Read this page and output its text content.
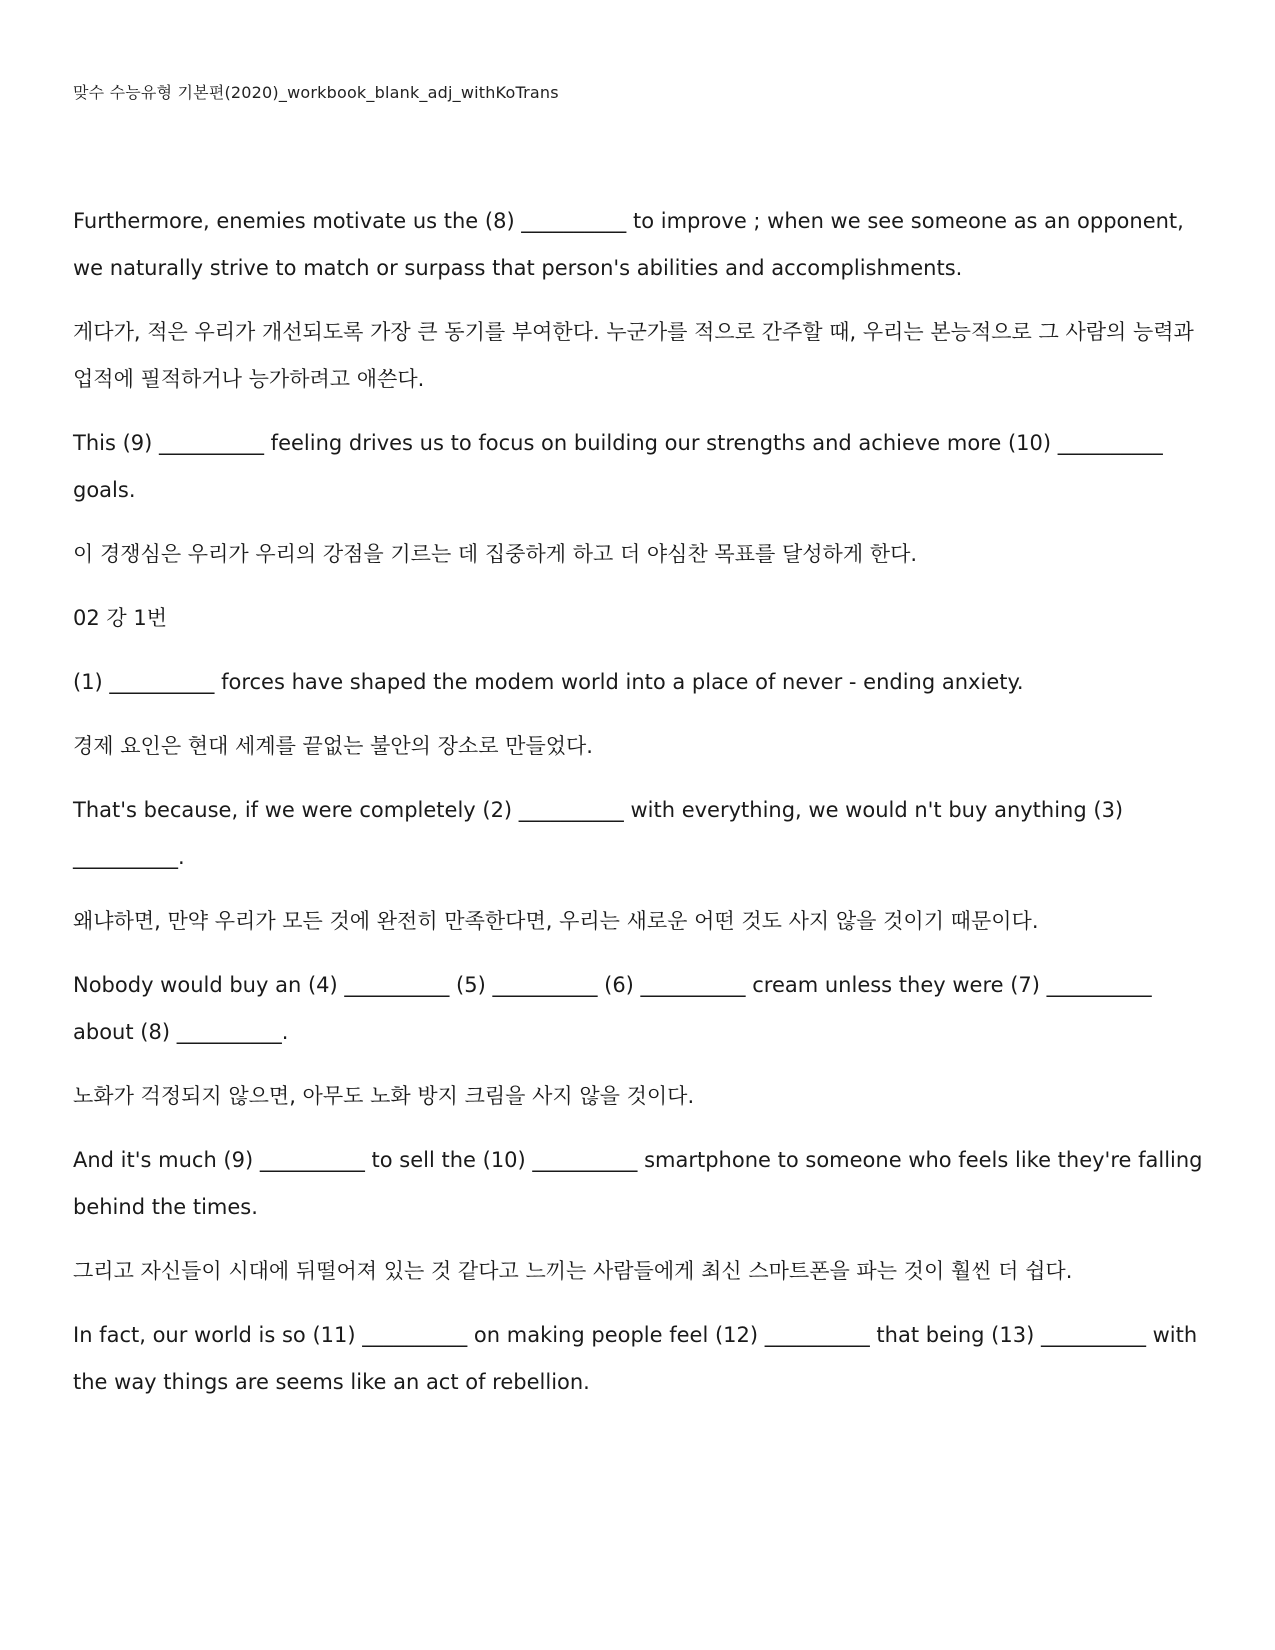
맞수 수능유형 기본편(2020)_workbook_blank_adj_withKoTrans

Furthermore, enemies motivate us the (8) __________ to improve ; when we see someone as an opponent, we naturally strive to match or surpass that person's abilities and accomplishments.

게다가, 적은 우리가 개선되도록 가장 큰 동기를 부여한다. 누군가를 적으로 간주할 때, 우리는 본능적으로 그 사람의 능력과 업적에 필적하거나 능가하려고 애쓴다.

This (9) __________ feeling drives us to focus on building our strengths and achieve more (10) __________ goals.

이 경쟁심은 우리가 우리의 강점을 기르는 데 집중하게 하고 더 야심찬 목표를 달성하게 한다.

02 강 1번

(1) __________ forces have shaped the modem world into a place of never - ending anxiety.

경제 요인은 현대 세계를 끝없는 불안의 장소로 만들었다.

That's because, if we were completely (2) __________ with everything, we would n't buy anything (3) __________.

왜냐하면, 만약 우리가 모든 것에 완전히 만족한다면, 우리는 새로운 어떤 것도 사지 않을 것이기 때문이다.

Nobody would buy an (4) __________ (5) __________ (6) __________ cream unless they were (7) __________ about (8) __________.

노화가 걱정되지 않으면, 아무도 노화 방지 크림을 사지 않을 것이다.

And it's much (9) __________ to sell the (10) __________ smartphone to someone who feels like they're falling behind the times.

그리고 자신들이 시대에 뒤떨어져 있는 것 같다고 느끼는 사람들에게 최신 스마트폰을 파는 것이 훨씬 더 쉽다.

In fact, our world is so (11) __________ on making people feel (12) __________ that being (13) __________ with the way things are seems like an act of rebellion.
